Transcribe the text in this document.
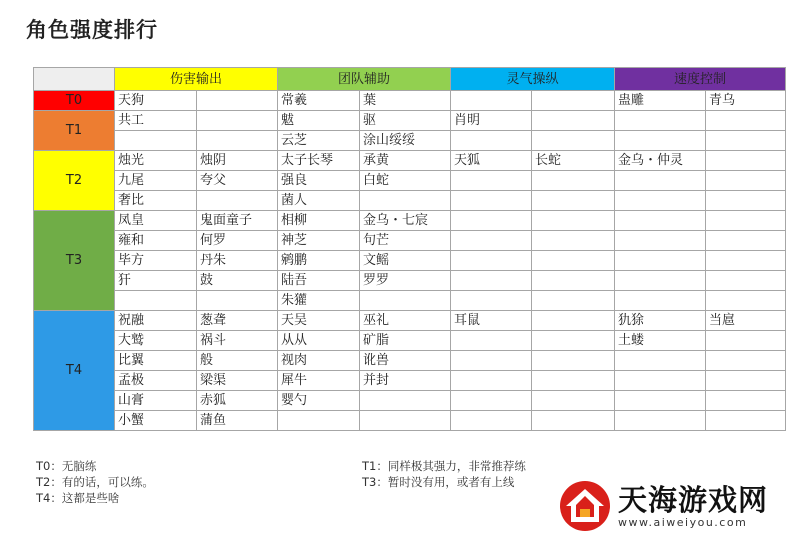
角色强度排行
	伤害输出		团队辅助		灵气操纵		速度控制	
T0	天狗		常羲	葉			蛊雕	青乌
T1	共工		魃	驱	肖明			
			云芝	涂山绥绥				
T2	烛光	烛阴	太子长琴	承黄	天狐	长蛇	金乌・仲灵	
	九尾	夸父	强良	白蛇				
	奢比		菌人					
T3	凤皇	鬼面童子	相柳	金乌・七宸				
	雍和	何罗	神芝	句芒				
	毕方	丹朱	鹓鹏	文鳐				
	犴	鼓	陆吾	罗罗				
			朱獾					
T4	祝融	葱聋	天吴	巫礼	耳鼠		犰狳	当扈
	大鹫	祸斗	从从	矿脂			土蝼	
	比翼	般	视肉	讹兽				
	孟极	梁渠	犀牛	并封				
	山膏	赤狐	婴勺					
	小蟹	蒲鱼						
T0：无脑练
T2：有的话，可以练。
T4：这都是些啥
T1：同样极其强力，非常推荐练
T3：暂时没有用，或者有上线
天海游戏网
www.aiweiyou.com
